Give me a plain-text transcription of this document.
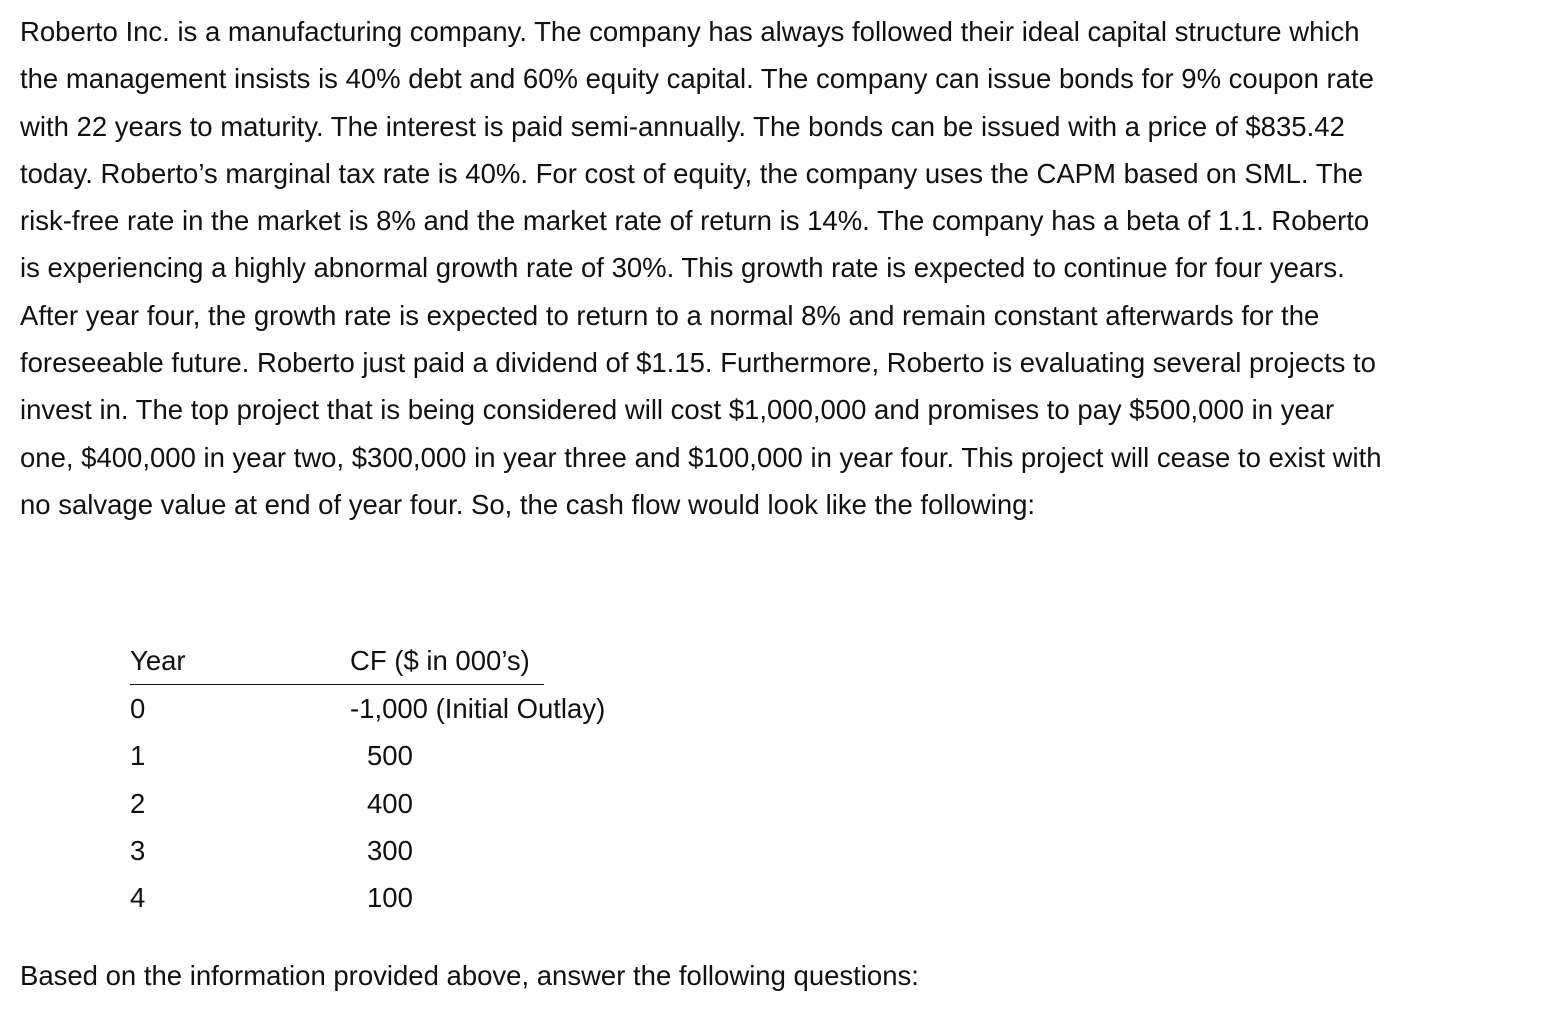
Roberto Inc. is a manufacturing company. The company has always followed their ideal capital structure which
the management insists is 40% debt and 60% equity capital. The company can issue bonds for 9% coupon rate
with 22 years to maturity. The interest is paid semi-annually. The bonds can be issued with a price of $835.42
today. Roberto’s marginal tax rate is 40%. For cost of equity, the company uses the CAPM based on SML. The
risk-free rate in the market is 8% and the market rate of return is 14%. The company has a beta of 1.1. Roberto
is experiencing a highly abnormal growth rate of 30%. This growth rate is expected to continue for four years.
After year four, the growth rate is expected to return to a normal 8% and remain constant afterwards for the
foreseeable future. Roberto just paid a dividend of $1.15. Furthermore, Roberto is evaluating several projects to
invest in. The top project that is being considered will cost $1,000,000 and promises to pay $500,000 in year
one, $400,000 in year two, $300,000 in year three and $100,000 in year four. This project will cease to exist with
no salvage value at end of year four. So, the cash flow would look like the following:
Year	CF ($ in 000’s)
0	-1,000 (Initial Outlay)
1	500
2	400
3	300
4	100
Based on the information provided above, answer the following questions:
